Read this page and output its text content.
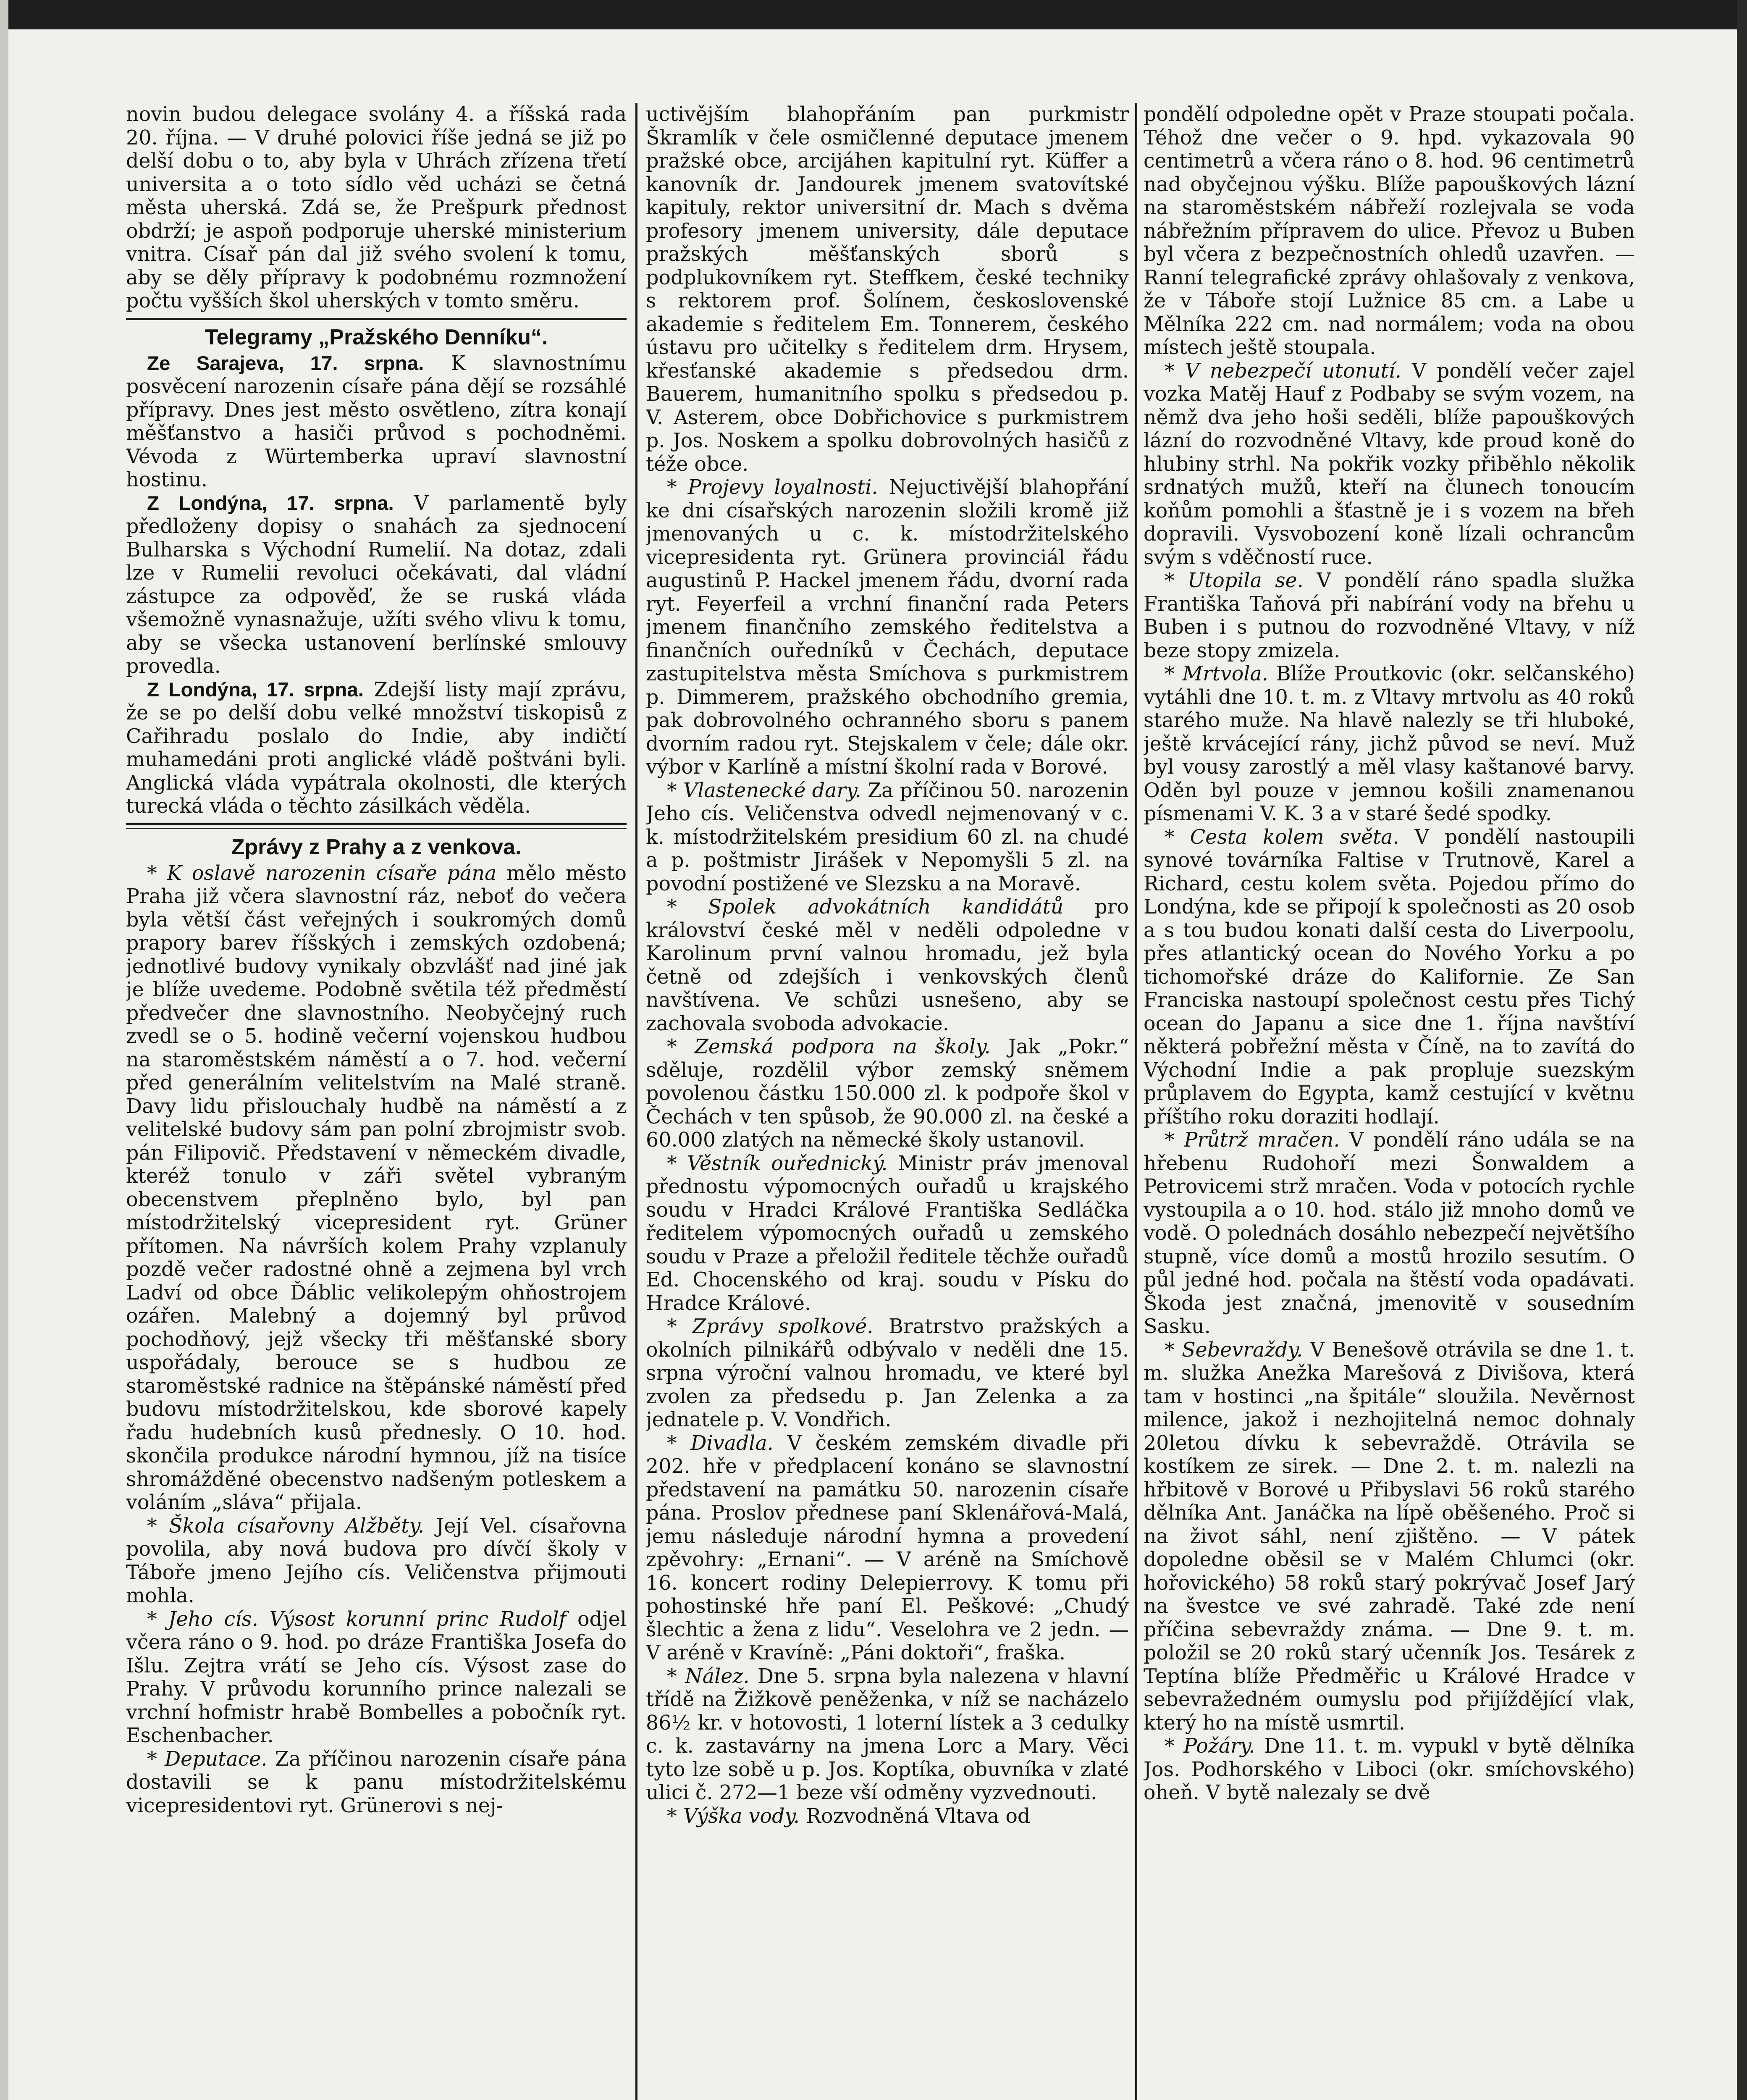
novin budou delegace svolány 4. a říšská rada 20. října. — V druhé polovici říše jedná se již po delší dobu o to, aby byla v Uhrách zřízena třetí universita a o toto sídlo věd ucházi se četná města uherská. Zdá se, že Prešpurk přednost obdrží; je aspoň podporuje uherské ministerium vnitra. Císař pán dal již svého svolení k tomu, aby se děly přípravy k podobnému rozmnožení počtu vyšších škol uherských v tomto směru.

Telegramy „Pražského Denníku“.

Ze Sarajeva, 17. srpna. K slavnostnímu posvěcení narozenin císaře pána dějí se rozsáhlé přípravy. Dnes jest město osvětleno, zítra konají měšťanstvo a hasiči průvod s pochodněmi. Vévoda z Würtemberka upraví slavnostní hostinu.

Z Londýna, 17. srpna. V parlamentě byly předloženy dopisy o snahách za sjednocení Bulharska s Východní Rumelií. Na dotaz, zdali lze v Rumelii revoluci očekávati, dal vládní zástupce za odpověď, že se ruská vláda všemožně vynasnažuje, užíti svého vlivu k tomu, aby se všecka ustanovení berlínské smlouvy provedla.

Z Londýna, 17. srpna. Zdejší listy mají zprávu, že se po delší dobu velké množství tiskopisů z Cařihradu poslalo do Indie, aby indičtí muhamedáni proti anglické vládě poštváni byli. Anglická vláda vypátrala okolnosti, dle kterých turecká vláda o těchto zásilkách věděla.

Zprávy z Prahy a z venkova.

* K oslavě narozenin císaře pána mělo město Praha již včera slavnostní ráz, neboť do večera byla větší část veřejných i soukromých domů prapory barev říšských i zemských ozdobená; jednotlivé budovy vynikaly obzvlášť nad jiné jak je blíže uvedeme. Podobně světila též předměstí předvečer dne slavnostního. Neobyčejný ruch zvedl se o 5. hodině večerní vojenskou hudbou na staroměstském náměstí a o 7. hod. večerní před generálním velitelstvím na Malé straně. Davy lidu přislouchaly hudbě na náměstí a z velitelské budovy sám pan polní zbrojmistr svob. pán Filipovič. Představení v německém divadle, kteréž tonulo v záři světel vybraným obecenstvem přeplněno bylo, byl pan místodržitelský vicepresident ryt. Grüner přítomen. Na návrších kolem Prahy vzplanuly pozdě večer radostné ohně a zejmena byl vrch Ladví od obce Ďáblic velikolepým ohňostrojem ozářen. Malebný a dojemný byl průvod pochodňový, jejž všecky tři měšťanské sbory uspořádaly, berouce se s hudbou ze staroměstské radnice na štěpánské náměstí před budovu místodržitelskou, kde sborové kapely řadu hudebních kusů přednesly. O 10. hod. skončila produkce národní hymnou, jíž na tisíce shromážděné obecenstvo nadšeným potleskem a voláním „sláva“ přijala.

* Škola císařovny Alžběty. Její Vel. císařovna povolila, aby nová budova pro dívčí školy v Táboře jmeno Jejího cís. Veličenstva přijmouti mohla.

* Jeho cís. Výsost korunní princ Rudolf odjel včera ráno o 9. hod. po dráze Františka Josefa do Išlu. Zejtra vrátí se Jeho cís. Výsost zase do Prahy. V průvodu korunního prince nalezali se vrchní hofmistr hrabě Bombelles a pobočník ryt. Eschenbacher.

* Deputace. Za příčinou narozenin císaře pána dostavili se k panu místodržitelskému vicepresidentovi ryt. Grünerovi s nej-

uctivějším blahopřáním pan purkmistr Škramlík v čele osmičlenné deputace jmenem pražské obce, arcijáhen kapitulní ryt. Küffer a kanovník dr. Jandourek jmenem svatovítské kapituly, rektor universitní dr. Mach s dvěma profesory jmenem university, dále deputace pražských měšťanských sborů s podplukovníkem ryt. Steffkem, české techniky s rektorem prof. Šolínem, československé akademie s ředitelem Em. Tonnerem, českého ústavu pro učitelky s ředitelem drm. Hrysem, křesťanské akademie s předsedou drm. Bauerem, humanitního spolku s předsedou p. V. Asterem, obce Dobřichovice s purkmistrem p. Jos. Noskem a spolku dobrovolných hasičů z téže obce.

* Projevy loyalnosti. Nejuctivější blahopřání ke dni císařských narozenin složili kromě již jmenovaných u c. k. místodržitelského vicepresidenta ryt. Grünera provinciál řádu augustinů P. Hackel jmenem řádu, dvorní rada ryt. Feyerfeil a vrchní finanční rada Peters jmenem finančního zemského ředitelstva a finančních ouředníků v Čechách, deputace zastupitelstva města Smíchova s purkmistrem p. Dimmerem, pražského obchodního gremia, pak dobrovolného ochranného sboru s panem dvorním radou ryt. Stejskalem v čele; dále okr. výbor v Karlíně a místní školní rada v Borové.

* Vlastenecké dary. Za příčinou 50. narozenin Jeho cís. Veličenstva odvedl nejmenovaný v c. k. místodržitelském presidium 60 zl. na chudé a p. poštmistr Jirášek v Nepomyšli 5 zl. na povodní postižené ve Slezsku a na Moravě.

* Spolek advokátních kandidátů pro království české měl v neděli odpoledne v Karolinum první valnou hromadu, jež byla četně od zdejších i venkovských členů navštívena. Ve schůzi usnešeno, aby se zachovala svoboda advokacie.

* Zemská podpora na školy. Jak „Pokr.“ sděluje, rozdělil výbor zemský sněmem povolenou částku 150.000 zl. k podpoře škol v Čechách v ten spůsob, že 90.000 zl. na české a 60.000 zlatých na německé školy ustanovil.

* Věstník ouřednický. Ministr práv jmenoval přednostu výpomocných ouřadů u krajského soudu v Hradci Králové Františka Sedláčka ředitelem výpomocných ouřadů u zemského soudu v Praze a přeložil ředitele těchže ouřadů Ed. Chocenského od kraj. soudu v Písku do Hradce Králové.

* Zprávy spolkové. Bratrstvo pražských a okolních pilnikářů odbývalo v neděli dne 15. srpna výroční valnou hromadu, ve které byl zvolen za předsedu p. Jan Zelenka a za jednatele p. V. Vondřich.

* Divadla. V českém zemském divadle při 202. hře v předplacení konáno se slavnostní představení na památku 50. narozenin císaře pána. Proslov přednese paní Sklenářová-Malá, jemu následuje národní hymna a provedení zpěvohry: „Ernani“. — V aréně na Smíchově 16. koncert rodiny Delepierrovy. K tomu při pohostinské hře paní El. Peškové: „Chudý šlechtic a žena z lidu“. Veselohra ve 2 jedn. — V aréně v Kravíně: „Páni doktoři“, fraška.

* Nález. Dne 5. srpna byla nalezena v hlavní třídě na Žižkově peněženka, v níž se nacházelo 86½ kr. v hotovosti, 1 loterní lístek a 3 cedulky c. k. zastavárny na jmena Lorc a Mary. Věci tyto lze sobě u p. Jos. Koptíka, obuvníka v zlaté ulici č. 272—1 beze vší odměny vyzvednouti.

* Výška vody. Rozvodněná Vltava od

pondělí odpoledne opět v Praze stoupati počala. Téhož dne večer o 9. hpd. vykazovala 90 centimetrů a včera ráno o 8. hod. 96 centimetrů nad obyčejnou výšku. Blíže papouškových lázní na staroměstském nábřeží rozlejvala se voda nábřežním přípravem do ulice. Převoz u Buben byl včera z bezpečnostních ohledů uzavřen. — Ranní telegrafické zprávy ohlašovaly z venkova, že v Táboře stojí Lužnice 85 cm. a Labe u Mělníka 222 cm. nad normálem; voda na obou místech ještě stoupala.

* V nebezpečí utonutí. V pondělí večer zajel vozka Matěj Hauf z Podbaby se svým vozem, na němž dva jeho hoši seděli, blíže papouškových lázní do rozvodněné Vltavy, kde proud koně do hlubiny strhl. Na pokřik vozky přiběhlo několik srdnatých mužů, kteří na člunech tonoucím koňům pomohli a šťastně je i s vozem na břeh dopravili. Vysvobození koně lízali ochrancům svým s vděčností ruce.

* Utopila se. V pondělí ráno spadla služka Františka Taňová při nabírání vody na břehu u Buben i s putnou do rozvodněné Vltavy, v níž beze stopy zmizela.

* Mrtvola. Blíže Proutkovic (okr. selčanského) vytáhli dne 10. t. m. z Vltavy mrtvolu as 40 roků starého muže. Na hlavě nalezly se tři hluboké, ještě krvácející rány, jichž původ se neví. Muž byl vousy zarostlý a měl vlasy kaštanové barvy. Oděn byl pouze v jemnou košili znamenanou písmenami V. K. 3 a v staré šedé spodky.

* Cesta kolem světa. V pondělí nastoupili synové továrníka Faltise v Trutnově, Karel a Richard, cestu kolem světa. Pojedou přímo do Londýna, kde se připojí k společnosti as 20 osob a s tou budou konati další cesta do Liverpoolu, přes atlantický ocean do Nového Yorku a po tichomořské dráze do Kalifornie. Ze San Franciska nastoupí společnost cestu přes Tichý ocean do Japanu a sice dne 1. října navštíví některá pobřežní města v Číně, na to zavítá do Východní Indie a pak propluje suezským průplavem do Egypta, kamž cestující v květnu příštího roku doraziti hodlají.

* Průtrž mračen. V pondělí ráno udála se na hřebenu Rudohoří mezi Šonwaldem a Petrovicemi strž mračen. Voda v potocích rychle vystoupila a o 10. hod. stálo již mnoho domů ve vodě. O polednách dosáhlo nebezpečí největšího stupně, více domů a mostů hrozilo sesutím. O půl jedné hod. počala na štěstí voda opadávati. Škoda jest značná, jmenovitě v sousedním Sasku.

* Sebevraždy. V Benešově otrávila se dne 1. t. m. služka Anežka Marešová z Divišova, která tam v hostinci „na špitále“ sloužila. Nevěrnost milence, jakož i nezhojitelná nemoc dohnaly 20letou dívku k sebevraždě. Otrávila se kostíkem ze sirek. — Dne 2. t. m. nalezli na hřbitově v Borové u Přibyslavi 56 roků starého dělníka Ant. Janáčka na lípě oběšeného. Proč si na život sáhl, není zjištěno. — V pátek dopoledne oběsil se v Malém Chlumci (okr. hořovického) 58 roků starý pokrývač Josef Jarý na švestce ve své zahradě. Také zde není příčina sebevraždy známa. — Dne 9. t. m. položil se 20 roků starý učenník Jos. Tesárek z Teptína blíže Předměřic u Králové Hradce v sebevražedném oumyslu pod přijíždějící vlak, který ho na místě usmrtil.

* Požáry. Dne 11. t. m. vypukl v bytě dělníka Jos. Podhorského v Liboci (okr. smíchovského) oheň. V bytě nalezaly se dvě
